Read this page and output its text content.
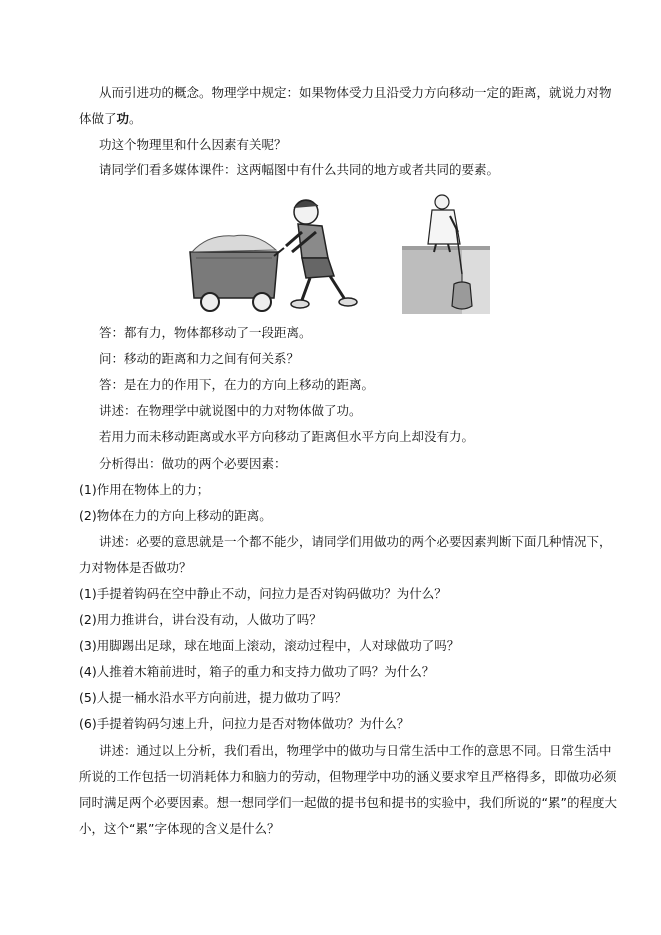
从而引进功的概念。物理学中规定：如果物体受力且沿受力方向移动一定的距离，就说力对物
体做了功。
功这个物理里和什么因素有关呢？
请同学们看多媒体课件：这两幅图中有什么共同的地方或者共同的要素。
答：都有力，物体都移动了一段距离。
问：移动的距离和力之间有何关系？
答：是在力的作用下，在力的方向上移动的距离。
讲述：在物理学中就说图中的力对物体做了功。
若用力而未移动距离或水平方向移动了距离但水平方向上却没有力。
分析得出：做功的两个必要因素：
(1)作用在物体上的力；
(2)物体在力的方向上移动的距离。
讲述：必要的意思就是一个都不能少，请同学们用做功的两个必要因素判断下面几种情况下，
力对物体是否做功？
(1)手提着钩码在空中静止不动，问拉力是否对钩码做功？为什么？
(2)用力推讲台，讲台没有动，人做功了吗？
(3)用脚踢出足球，球在地面上滚动，滚动过程中，人对球做功了吗？
(4)人推着木箱前进时，箱子的重力和支持力做功了吗？为什么？
(5)人提一桶水沿水平方向前进，提力做功了吗？
(6)手提着钩码匀速上升，问拉力是否对物体做功？为什么？
讲述：通过以上分析，我们看出，物理学中的做功与日常生活中工作的意思不同。日常生活中
所说的工作包括一切消耗体力和脑力的劳动，但物理学中功的涵义要求窄且严格得多，即做功必须
同时满足两个必要因素。想一想同学们一起做的提书包和提书的实验中，我们所说的“累”的程度大
小，这个“累”字体现的含义是什么？
